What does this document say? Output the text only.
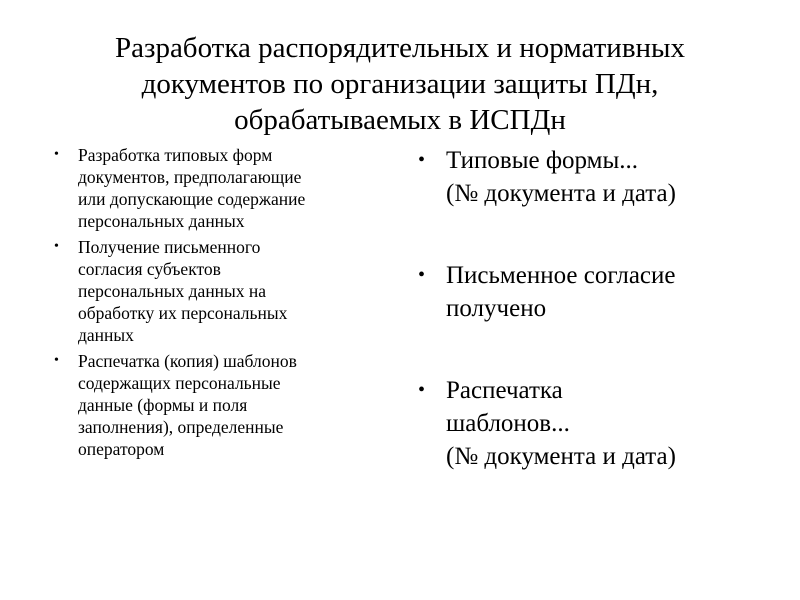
Разработка распорядительных и нормативных
документов по организации защиты ПДн,
обрабатываемых в ИСПДн
• Разработка типовых форм
документов, предполагающие
или допускающие содержание
персональных данных
• Получение письменного
согласия субъектов
персональных данных на
обработку их персональных
данных
• Распечатка (копия) шаблонов
содержащих персональные
данные (формы и поля
заполнения), определенные
оператором
• Типовые формы...
(№ документа и дата)
• Письменное согласие
получено
• Распечатка
шаблонов...
(№ документа и дата)
